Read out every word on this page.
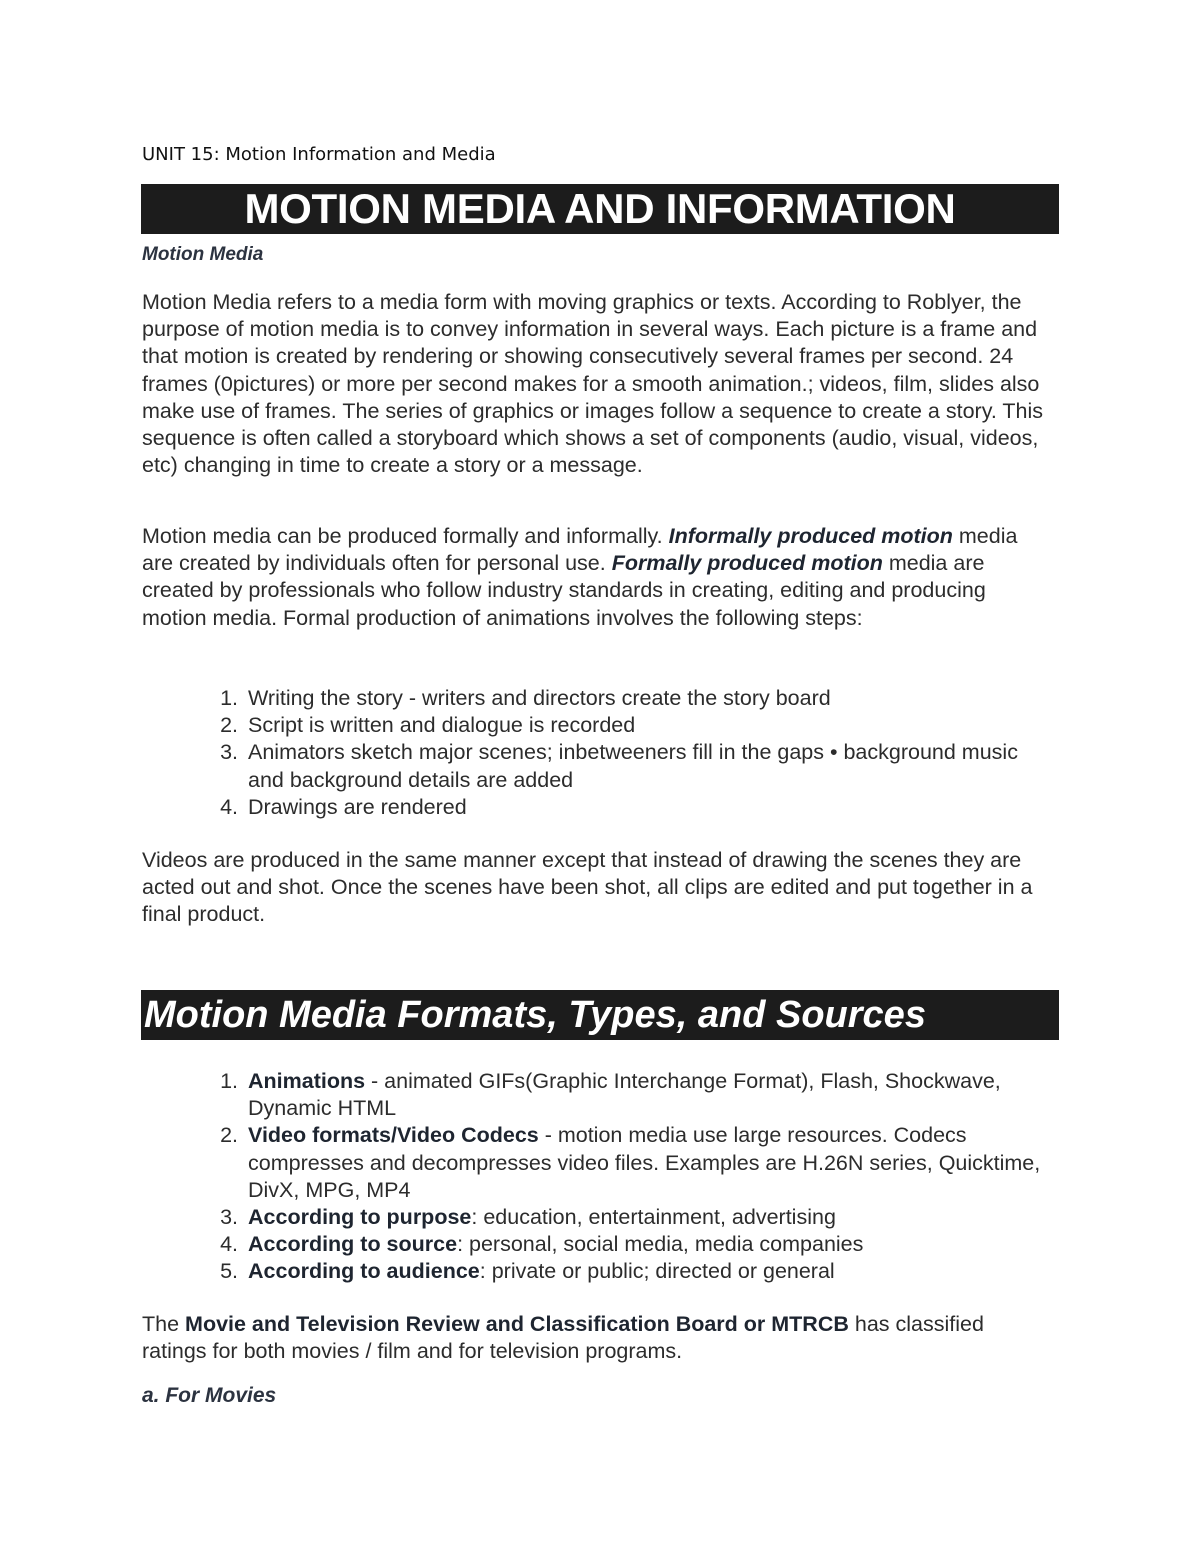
UNIT 15: Motion Information and Media
MOTION MEDIA AND INFORMATION
Motion Media
Motion Media refers to a media form with moving graphics or texts. According to Roblyer, the purpose of motion media is to convey information in several ways. Each picture is a frame and that motion is created by rendering or showing consecutively several frames per second. 24 frames (0pictures) or more per second makes for a smooth animation.; videos, film, slides also make use of frames. The series of graphics or images follow a sequence to create a story. This sequence is often called a storyboard which shows a set of components (audio, visual, videos, etc) changing in time to create a story or a message.
Motion media can be produced formally and informally. Informally produced motion media are created by individuals often for personal use. Formally produced motion media are created by professionals who follow industry standards in creating, editing and producing motion media. Formal production of animations involves the following steps:
1. Writing the story - writers and directors create the story board
2. Script is written and dialogue is recorded
3. Animators sketch major scenes; inbetweeners fill in the gaps • background music and background details are added
4. Drawings are rendered
Videos are produced in the same manner except that instead of drawing the scenes they are acted out and shot. Once the scenes have been shot, all clips are edited and put together in a final product.
Motion Media Formats, Types, and Sources
1. Animations - animated GIFs(Graphic Interchange Format), Flash, Shockwave, Dynamic HTML
2. Video formats/Video Codecs - motion media use large resources. Codecs compresses and decompresses video files. Examples are H.26N series, Quicktime, DivX, MPG, MP4
3. According to purpose: education, entertainment, advertising
4. According to source: personal, social media, media companies
5. According to audience: private or public; directed or general
The Movie and Television Review and Classification Board or MTRCB has classified ratings for both movies / film and for television programs.
a. For Movies
